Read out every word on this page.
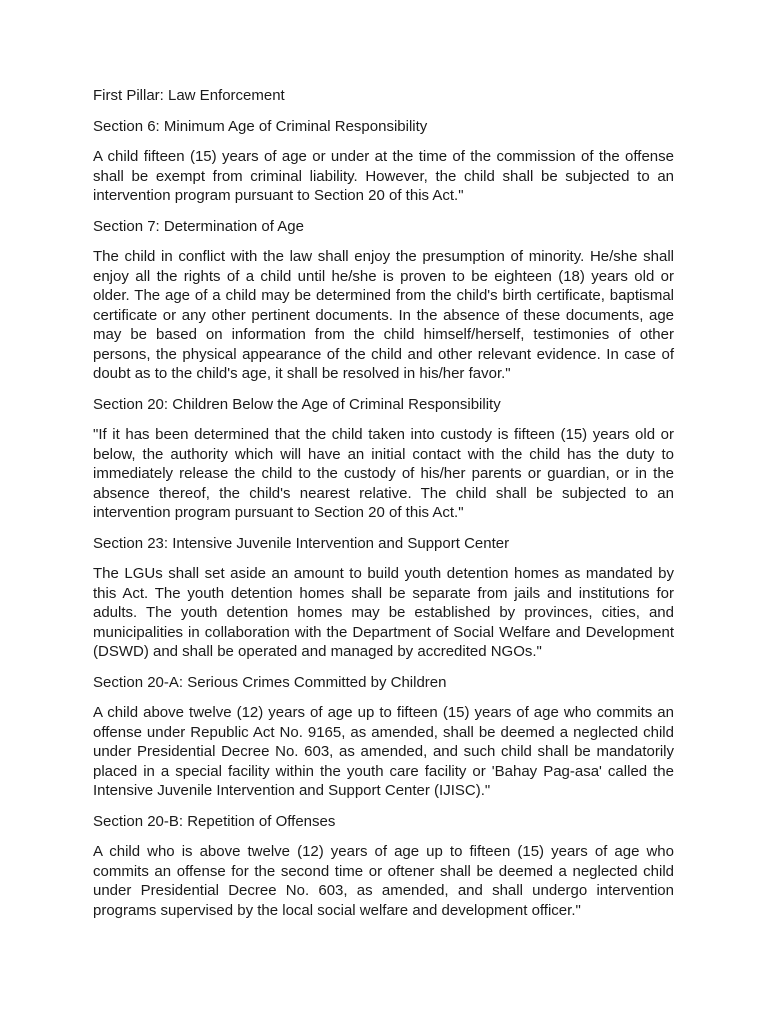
First Pillar: Law Enforcement

Section 6: Minimum Age of Criminal Responsibility

A child fifteen (15) years of age or under at the time of the commission of the offense shall be exempt from criminal liability. However, the child shall be subjected to an intervention program pursuant to Section 20 of this Act."

Section 7: Determination of Age

The child in conflict with the law shall enjoy the presumption of minority. He/she shall enjoy all the rights of a child until he/she is proven to be eighteen (18) years old or older. The age of a child may be determined from the child's birth certificate, baptismal certificate or any other pertinent documents. In the absence of these documents, age may be based on information from the child himself/herself, testimonies of other persons, the physical appearance of the child and other relevant evidence. In case of doubt as to the child's age, it shall be resolved in his/her favor."

Section 20: Children Below the Age of Criminal Responsibility

"If it has been determined that the child taken into custody is fifteen (15) years old or below, the authority which will have an initial contact with the child has the duty to immediately release the child to the custody of his/her parents or guardian, or in the absence thereof, the child's nearest relative. The child shall be subjected to an intervention program pursuant to Section 20 of this Act."

Section 23: Intensive Juvenile Intervention and Support Center

The LGUs shall set aside an amount to build youth detention homes as mandated by this Act. The youth detention homes shall be separate from jails and institutions for adults. The youth detention homes may be established by provinces, cities, and municipalities in collaboration with the Department of Social Welfare and Development (DSWD) and shall be operated and managed by accredited NGOs."

Section 20-A: Serious Crimes Committed by Children

A child above twelve (12) years of age up to fifteen (15) years of age who commits an offense under Republic Act No. 9165, as amended, shall be deemed a neglected child under Presidential Decree No. 603, as amended, and such child shall be mandatorily placed in a special facility within the youth care facility or 'Bahay Pag-asa' called the Intensive Juvenile Intervention and Support Center (IJISC)."

Section 20-B: Repetition of Offenses

A child who is above twelve (12) years of age up to fifteen (15) years of age who commits an offense for the second time or oftener shall be deemed a neglected child under Presidential Decree No. 603, as amended, and shall undergo intervention programs supervised by the local social welfare and development officer."
